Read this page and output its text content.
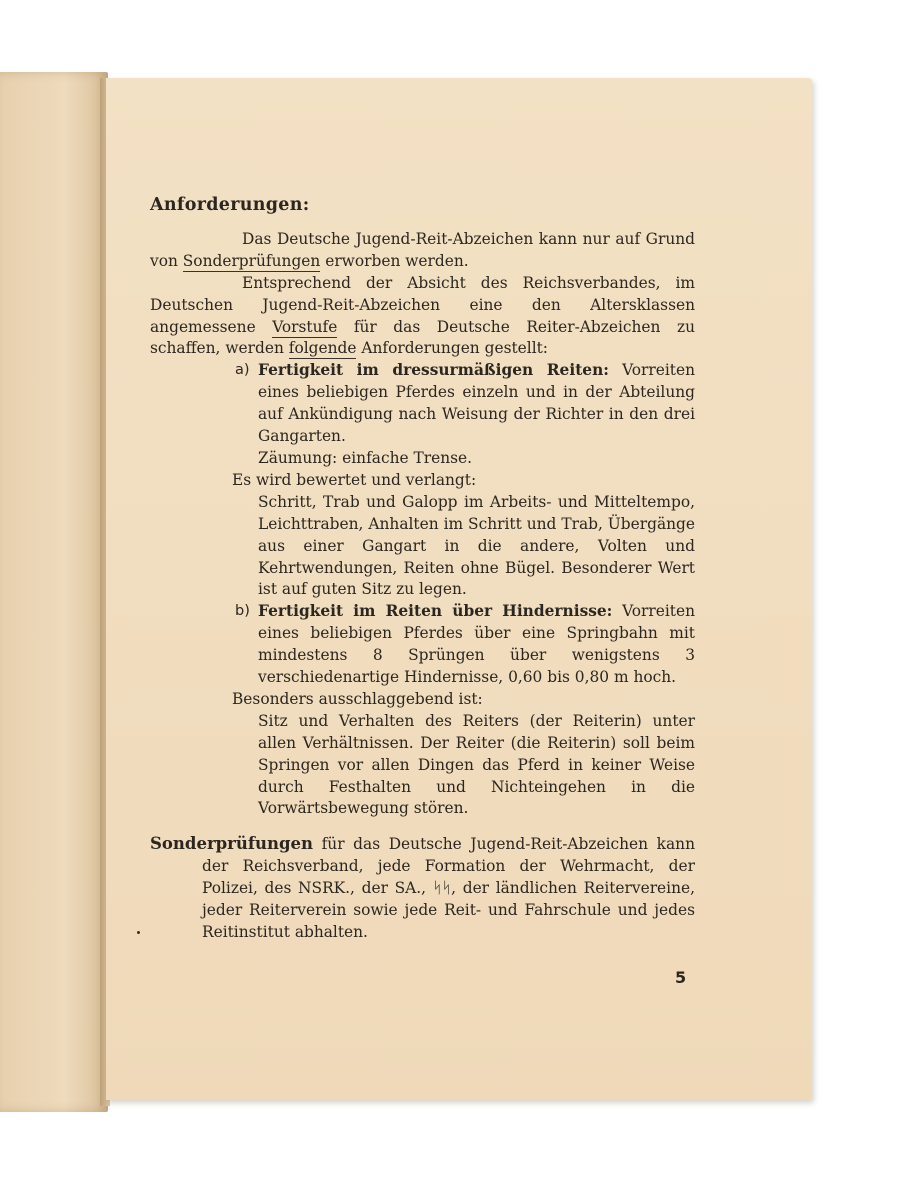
Anforderungen:

Das Deutsche Jugend-Reit-Abzeichen kann nur auf Grund von Sonderprüfungen erworben werden.

Entsprechend der Absicht des Reichsverbandes, im Deutschen Jugend-Reit-Abzeichen eine den Altersklassen angemessene Vorstufe für das Deutsche Reiter-Abzeichen zu schaffen, werden folgende Anforderungen gestellt:

a) Fertigkeit im dressurmäßigen Reiten: Vorreiten eines beliebigen Pferdes einzeln und in der Abteilung auf Ankündigung nach Weisung der Richter in den drei Gangarten.

Zäumung: einfache Trense.

Es wird bewertet und verlangt:

Schritt, Trab und Galopp im Arbeits- und Mitteltempo, Leichttraben, Anhalten im Schritt und Trab, Übergänge aus einer Gangart in die andere, Volten und Kehrtwendungen, Reiten ohne Bügel. Besonderer Wert ist auf guten Sitz zu legen.

b) Fertigkeit im Reiten über Hindernisse: Vorreiten eines beliebigen Pferdes über eine Springbahn mit mindestens 8 Sprüngen über wenigstens 3 verschiedenartige Hindernisse, 0,60 bis 0,80 m hoch.

Besonders ausschlaggebend ist:

Sitz und Verhalten des Reiters (der Reiterin) unter allen Verhältnissen. Der Reiter (die Reiterin) soll beim Springen vor allen Dingen das Pferd in keiner Weise durch Festhalten und Nichteingehen in die Vorwärtsbewegung stören.

Sonderprüfungen für das Deutsche Jugend-Reit-Abzeichen kann der Reichsverband, jede Formation der Wehrmacht, der Polizei, des NSRK., der SA., ᛋᛋ, der ländlichen Reitervereine, jeder Reiterverein sowie jede Reit- und Fahrschule und jedes Reitinstitut abhalten.
5
